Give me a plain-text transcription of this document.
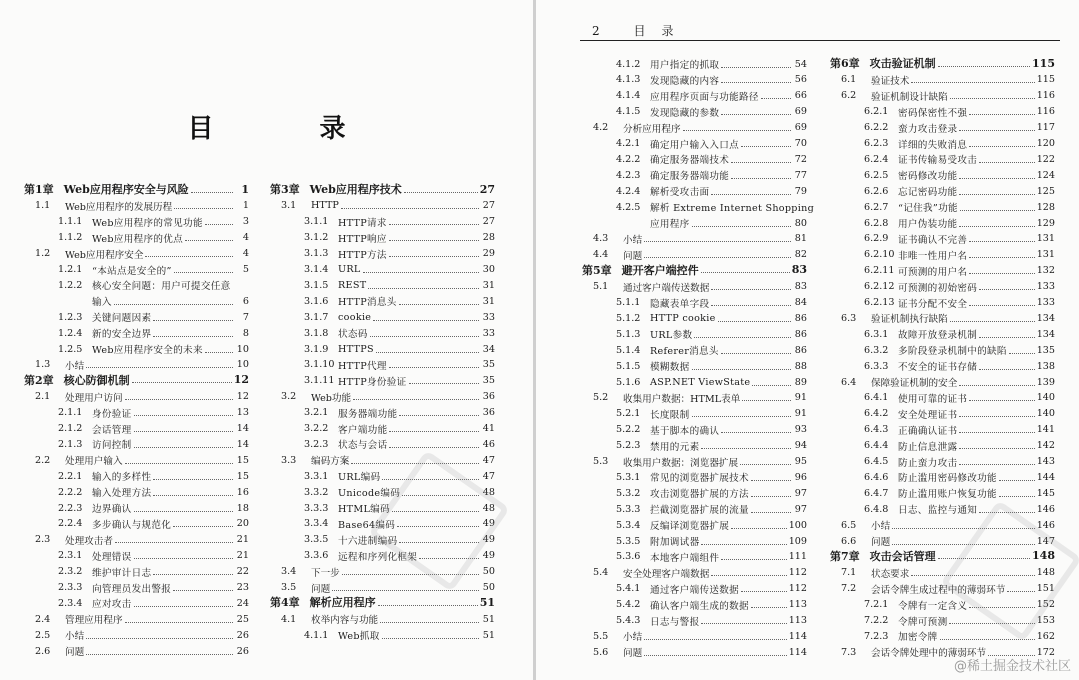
目　录
2	目　录
第1章 Web应用程序安全与风险	1
1.1	Web应用程序的发展历程	1
1.1.1 Web应用程序的常见功能	3
1.1.2 Web应用程序的优点	4
1.2	Web应用程序安全	4
1.2.1 “本站点是安全的”	5
1.2.2 核心安全问题：用户可提交任意
输入	6
1.2.3 关键问题因素	7
1.2.4 新的安全边界	8
1.2.5 Web应用程序安全的未来	10
1.3	小结	10
第2章 核心防御机制	12
2.1	处理用户访问	12
2.1.1 身份验证	13
2.1.2 会话管理	14
2.1.3 访问控制	14
2.2	处理用户输入	15
2.2.1 输入的多样性	15
2.2.2 输入处理方法	16
2.2.3 边界确认	18
2.2.4 多步确认与规范化	20
2.3	处理攻击者	21
2.3.1 处理错误	21
2.3.2 维护审计日志	22
2.3.3 向管理员发出警报	23
2.3.4 应对攻击	24
2.4	管理应用程序	25
2.5	小结	26
2.6	问题	26
第3章 Web应用程序技术	27
3.1	HTTP	27
3.1.1 HTTP请求	27
3.1.2 HTTP响应	28
3.1.3 HTTP方法	29
3.1.4 URL	30
3.1.5 REST	31
3.1.6 HTTP消息头	31
3.1.7 cookie	33
3.1.8 状态码	33
3.1.9 HTTPS	34
3.1.10 HTTP代理	35
3.1.11 HTTP身份验证	35
3.2	Web功能	36
3.2.1 服务器端功能	36
3.2.2 客户端功能	41
3.2.3 状态与会话	46
3.3	编码方案	47
3.3.1 URL编码	47
3.3.2 Unicode编码	48
3.3.3 HTML编码	48
3.3.4 Base64编码	49
3.3.5 十六进制编码	49
3.3.6 远程和序列化框架	49
3.4	下一步	50
3.5	问题	50
第4章 解析应用程序	51
4.1	枚举内容与功能	51
4.1.1 Web抓取	51
4.1.2 用户指定的抓取	54
4.1.3 发现隐藏的内容	56
4.1.4 应用程序页面与功能路径	66
4.1.5 发现隐藏的参数	69
4.2	分析应用程序	69
4.2.1 确定用户输入入口点	70
4.2.2 确定服务器端技术	72
4.2.3 确定服务器端功能	77
4.2.4 解析受攻击面	79
4.2.5 解析 Extreme Internet Shopping
应用程序	80
4.3	小结	81
4.4	问题	82
第5章 避开客户端控件	83
5.1	通过客户端传送数据	83
5.1.1 隐藏表单字段	84
5.1.2 HTTP cookie	86
5.1.3 URL参数	86
5.1.4 Referer消息头	86
5.1.5 模糊数据	88
5.1.6 ASP.NET ViewState	89
5.2	收集用户数据：HTML表单	91
5.2.1 长度限制	91
5.2.2 基于脚本的确认	93
5.2.3 禁用的元素	94
5.3	收集用户数据：浏览器扩展	95
5.3.1 常见的浏览器扩展技术	96
5.3.2 攻击浏览器扩展的方法	97
5.3.3 拦截浏览器扩展的流量	97
5.3.4 反编译浏览器扩展	100
5.3.5 附加调试器	109
5.3.6 本地客户端组件	111
5.4	安全处理客户端数据	112
5.4.1 通过客户端传送数据	112
5.4.2 确认客户端生成的数据	113
5.4.3 日志与警报	113
5.5	小结	114
5.6	问题	114
第6章 攻击验证机制	115
6.1	验证技术	115
6.2	验证机制设计缺陷	116
6.2.1 密码保密性不强	116
6.2.2 蛮力攻击登录	117
6.2.3 详细的失败消息	120
6.2.4 证书传输易受攻击	122
6.2.5 密码修改功能	124
6.2.6 忘记密码功能	125
6.2.7 “记住我”功能	128
6.2.8 用户伪装功能	129
6.2.9 证书确认不完善	131
6.2.10 非唯一性用户名	131
6.2.11 可预测的用户名	132
6.2.12 可预测的初始密码	133
6.2.13 证书分配不安全	133
6.3	验证机制执行缺陷	134
6.3.1 故障开放登录机制	134
6.3.2 多阶段登录机制中的缺陷	135
6.3.3 不安全的证书存储	138
6.4	保障验证机制的安全	139
6.4.1 使用可靠的证书	140
6.4.2 安全处理证书	140
6.4.3 正确确认证书	141
6.4.4 防止信息泄露	142
6.4.5 防止蛮力攻击	143
6.4.6 防止滥用密码修改功能	144
6.4.7 防止滥用账户恢复功能	145
6.4.8 日志、监控与通知	146
6.5	小结	146
6.6	问题	147
第7章 攻击会话管理	148
7.1	状态要求	148
7.2	会话令牌生成过程中的薄弱环节	151
7.2.1 令牌有一定含义	152
7.2.2 令牌可预测	153
7.2.3 加密令牌	162
7.3	会话令牌处理中的薄弱环节	172
@稀土掘金技术社区
